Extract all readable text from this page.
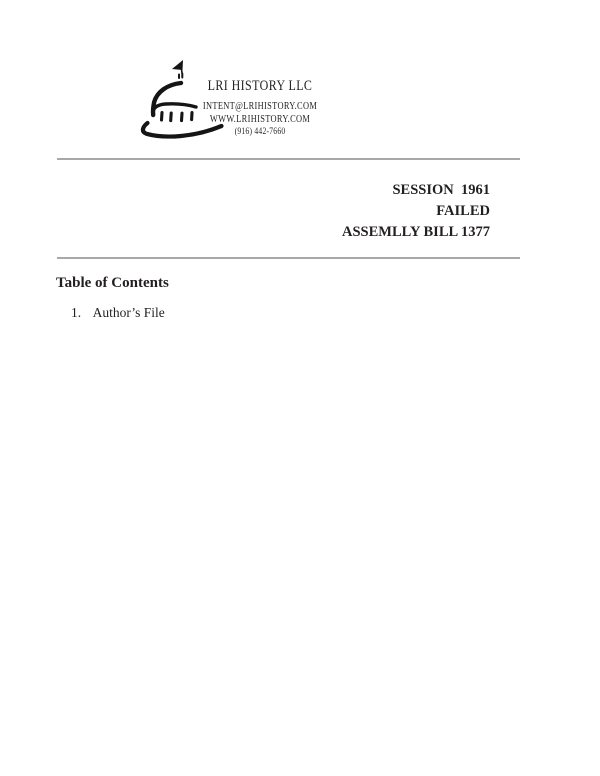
LRI HISTORY LLC
INTENT@LRIHISTORY.COM
WWW.LRIHISTORY.COM
(916) 442-7660
SESSION  1961
FAILED
ASSEMLLY BILL 1377
Table of Contents
1. Author’s File
